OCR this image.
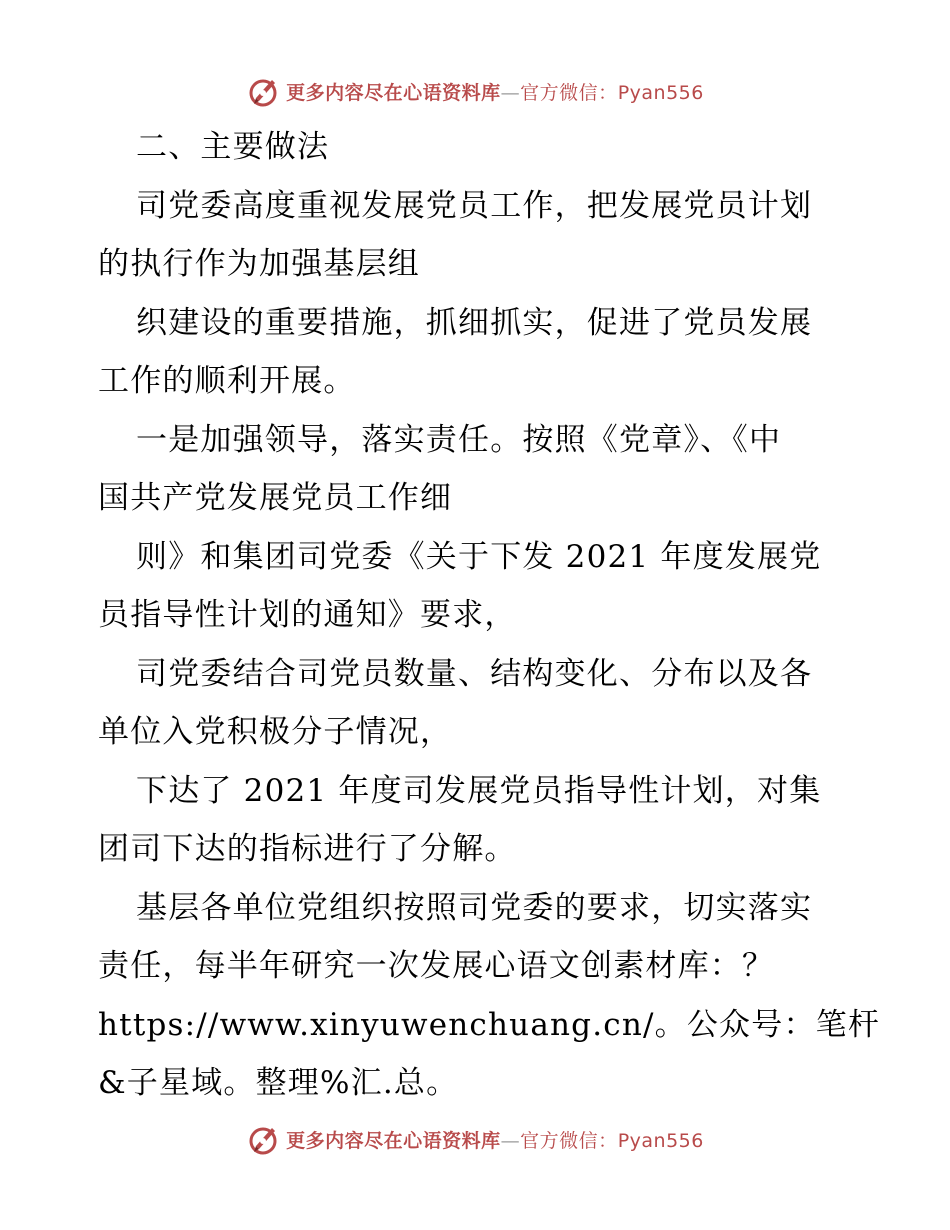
更多内容尽在心语资料库—官方微信：Pyan556
二、主要做法
司党委高度重视发展党员工作，把发展党员计划
的执行作为加强基层组
织建设的重要措施，抓细抓实，促进了党员发展
工作的顺利开展。
一是加强领导，落实责任。按照《党章》、《中
国共产党发展党员工作细
则》和集团司党委《关于下发 2021 年度发展党
员指导性计划的通知》要求，
司党委结合司党员数量、结构变化、分布以及各
单位入党积极分子情况，
下达了 2021 年度司发展党员指导性计划，对集
团司下达的指标进行了分解。
基层各单位党组织按照司党委的要求，切实落实
责任，每半年研究一次发展心语文创素材库：？
https://www.xinyuwenchuang.cn/。公众号：笔杆
&子星域。整理%汇.总。
更多内容尽在心语资料库—官方微信：Pyan556
